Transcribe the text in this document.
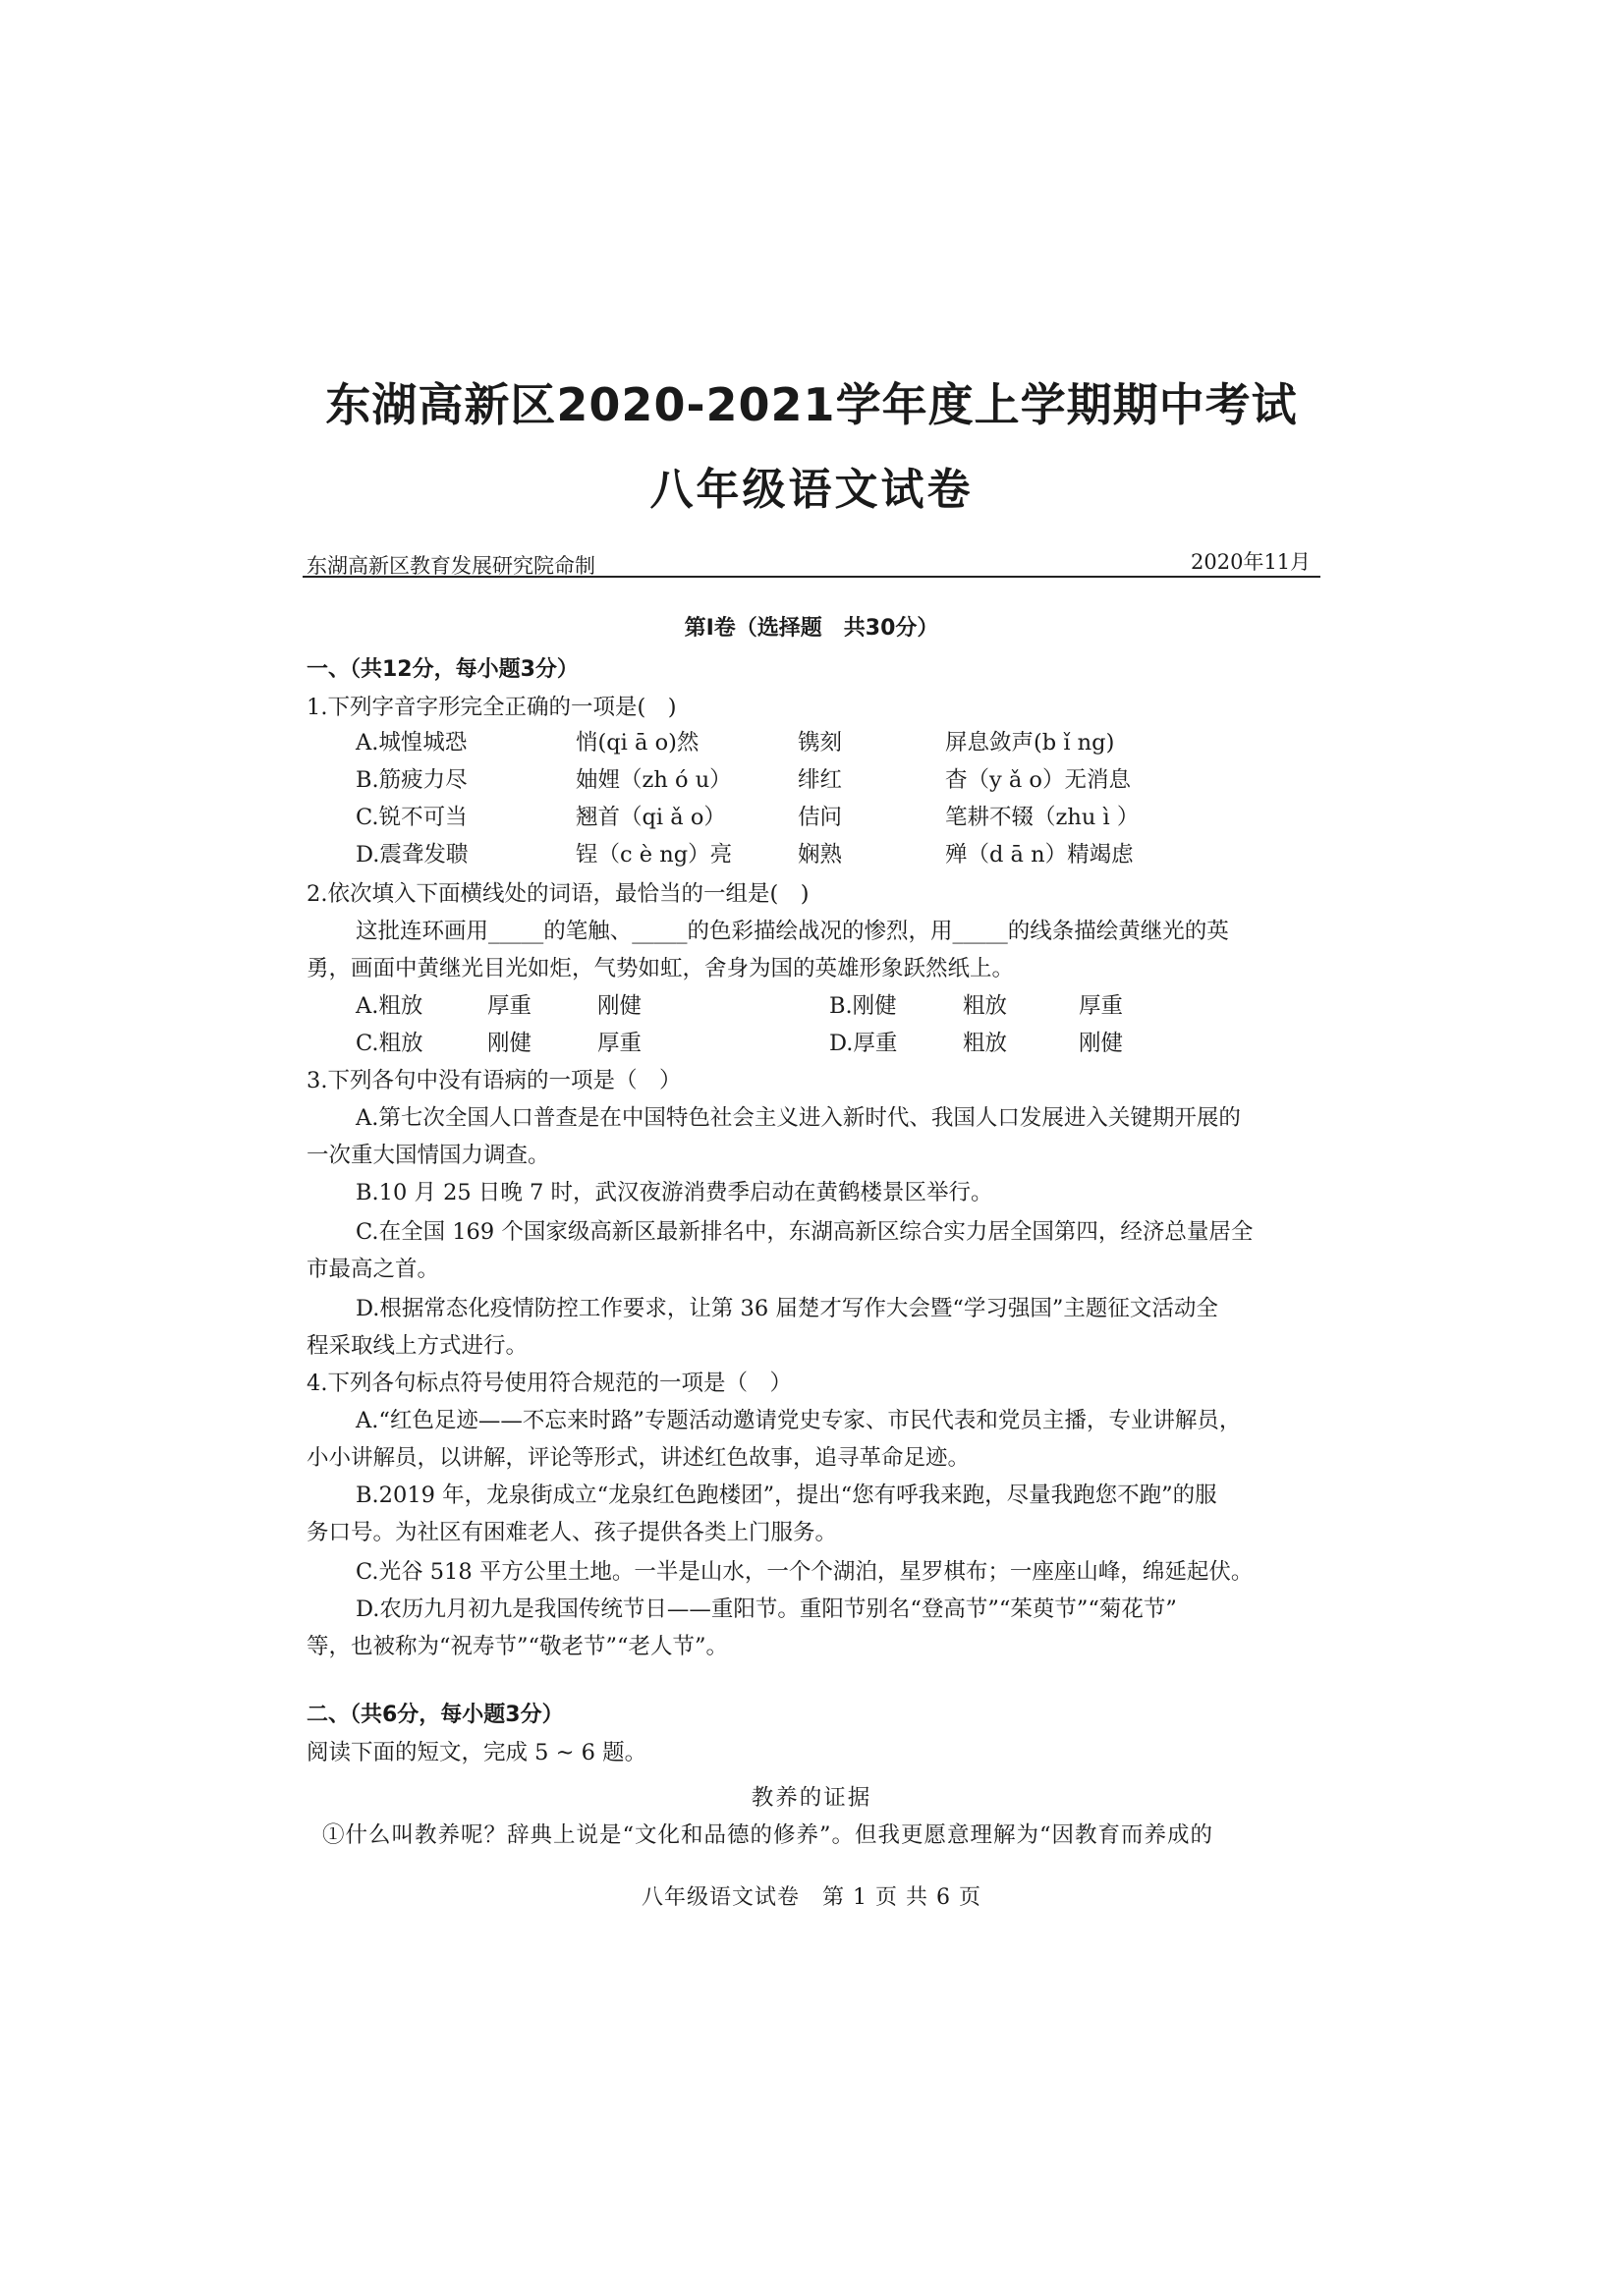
东湖高新区2020-2021学年度上学期期中考试
八年级语文试卷
东湖高新区教育发展研究院命制	2020年11月
第Ⅰ卷（选择题　共30分）
一、（共12分，每小题3分）
1.下列字音字形完全正确的一项是(　)
A.城惶城恐	悄(qi ā o)然	镌刻	屏息敛声(b ǐ ng)
B.筋疲力尽	妯娌（zh ó u）	绯红	杳（y ǎ o）无消息
C.锐不可当	翘首（qi ǎ o）	佶问	笔耕不辍（zhu ì ）
D.震聋发聩	锃（c è ng）亮	娴熟	殚（d ā n）精竭虑
2.依次填入下面横线处的词语，最恰当的一组是(　)
这批连环画用_____的笔触、_____的色彩描绘战况的惨烈，用_____的线条描绘黄继光的英
勇，画面中黄继光目光如炬，气势如虹，舍身为国的英雄形象跃然纸上。
A.粗放	厚重	刚健	B.刚健	粗放	厚重
C.粗放	刚健	厚重	D.厚重	粗放	刚健
3.下列各句中没有语病的一项是（　）
A.第七次全国人口普查是在中国特色社会主义进入新时代、我国人口发展进入关键期开展的
一次重大国情国力调查。
B.10 月 25 日晚 7 时，武汉夜游消费季启动在黄鹤楼景区举行。
C.在全国 169 个国家级高新区最新排名中，东湖高新区综合实力居全国第四，经济总量居全
市最高之首。
D.根据常态化疫情防控工作要求，让第 36 届楚才写作大会暨“学习强国”主题征文活动全
程采取线上方式进行。
4.下列各句标点符号使用符合规范的一项是（　）
A.“红色足迹——不忘来时路”专题活动邀请党史专家、市民代表和党员主播，专业讲解员，
小小讲解员，以讲解，评论等形式，讲述红色故事，追寻革命足迹。
B.2019 年，龙泉街成立“龙泉红色跑楼团”，提出“您有呼我来跑，尽量我跑您不跑”的服
务口号。为社区有困难老人、孩子提供各类上门服务。
C.光谷 518 平方公里土地。一半是山水，一个个湖泊，星罗棋布；一座座山峰，绵延起伏。
D.农历九月初九是我国传统节日——重阳节。重阳节别名“登高节”“茱萸节”“菊花节”
等，也被称为“祝寿节”“敬老节”“老人节”。
二、（共6分，每小题3分）
阅读下面的短文，完成 5 ~ 6 题。
教养的证据
①什么叫教养呢？辞典上说是“文化和品德的修养”。但我更愿意理解为“因教育而养成的
八年级语文试卷　第 1 页 共 6 页
